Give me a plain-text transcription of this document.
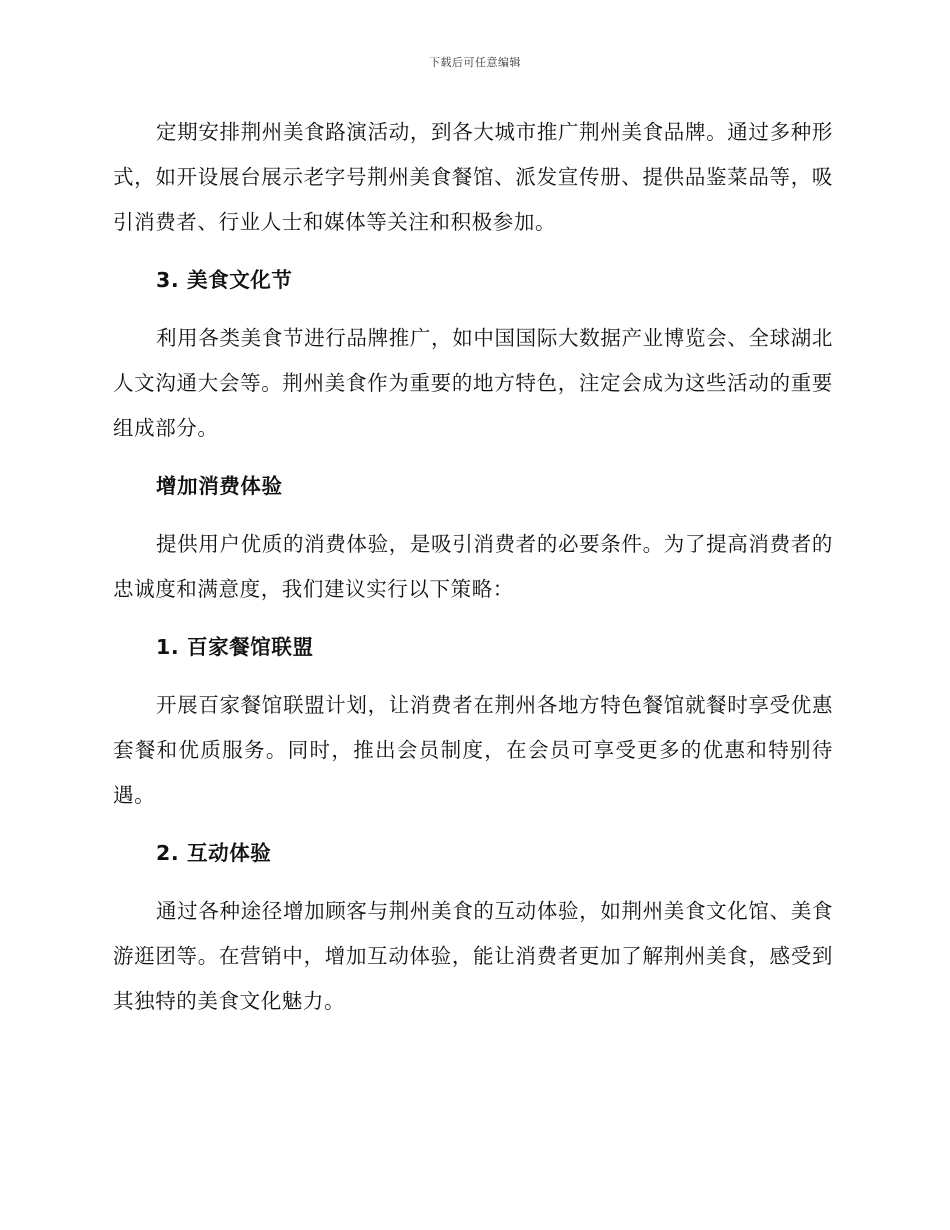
下载后可任意编辑

定期安排荆州美食路演活动，到各大城市推广荆州美食品牌。通过多种形式，如开设展台展示老字号荆州美食餐馆、派发宣传册、提供品鉴菜品等，吸引消费者、行业人士和媒体等关注和积极参加。

3. 美食文化节

利用各类美食节进行品牌推广，如中国国际大数据产业博览会、全球湖北人文沟通大会等。荆州美食作为重要的地方特色，注定会成为这些活动的重要组成部分。

增加消费体验

提供用户优质的消费体验，是吸引消费者的必要条件。为了提高消费者的忠诚度和满意度，我们建议实行以下策略：

1. 百家餐馆联盟

开展百家餐馆联盟计划，让消费者在荆州各地方特色餐馆就餐时享受优惠套餐和优质服务。同时，推出会员制度，在会员可享受更多的优惠和特别待遇。

2. 互动体验

通过各种途径增加顾客与荆州美食的互动体验，如荆州美食文化馆、美食游逛团等。在营销中，增加互动体验，能让消费者更加了解荆州美食，感受到其独特的美食文化魅力。
